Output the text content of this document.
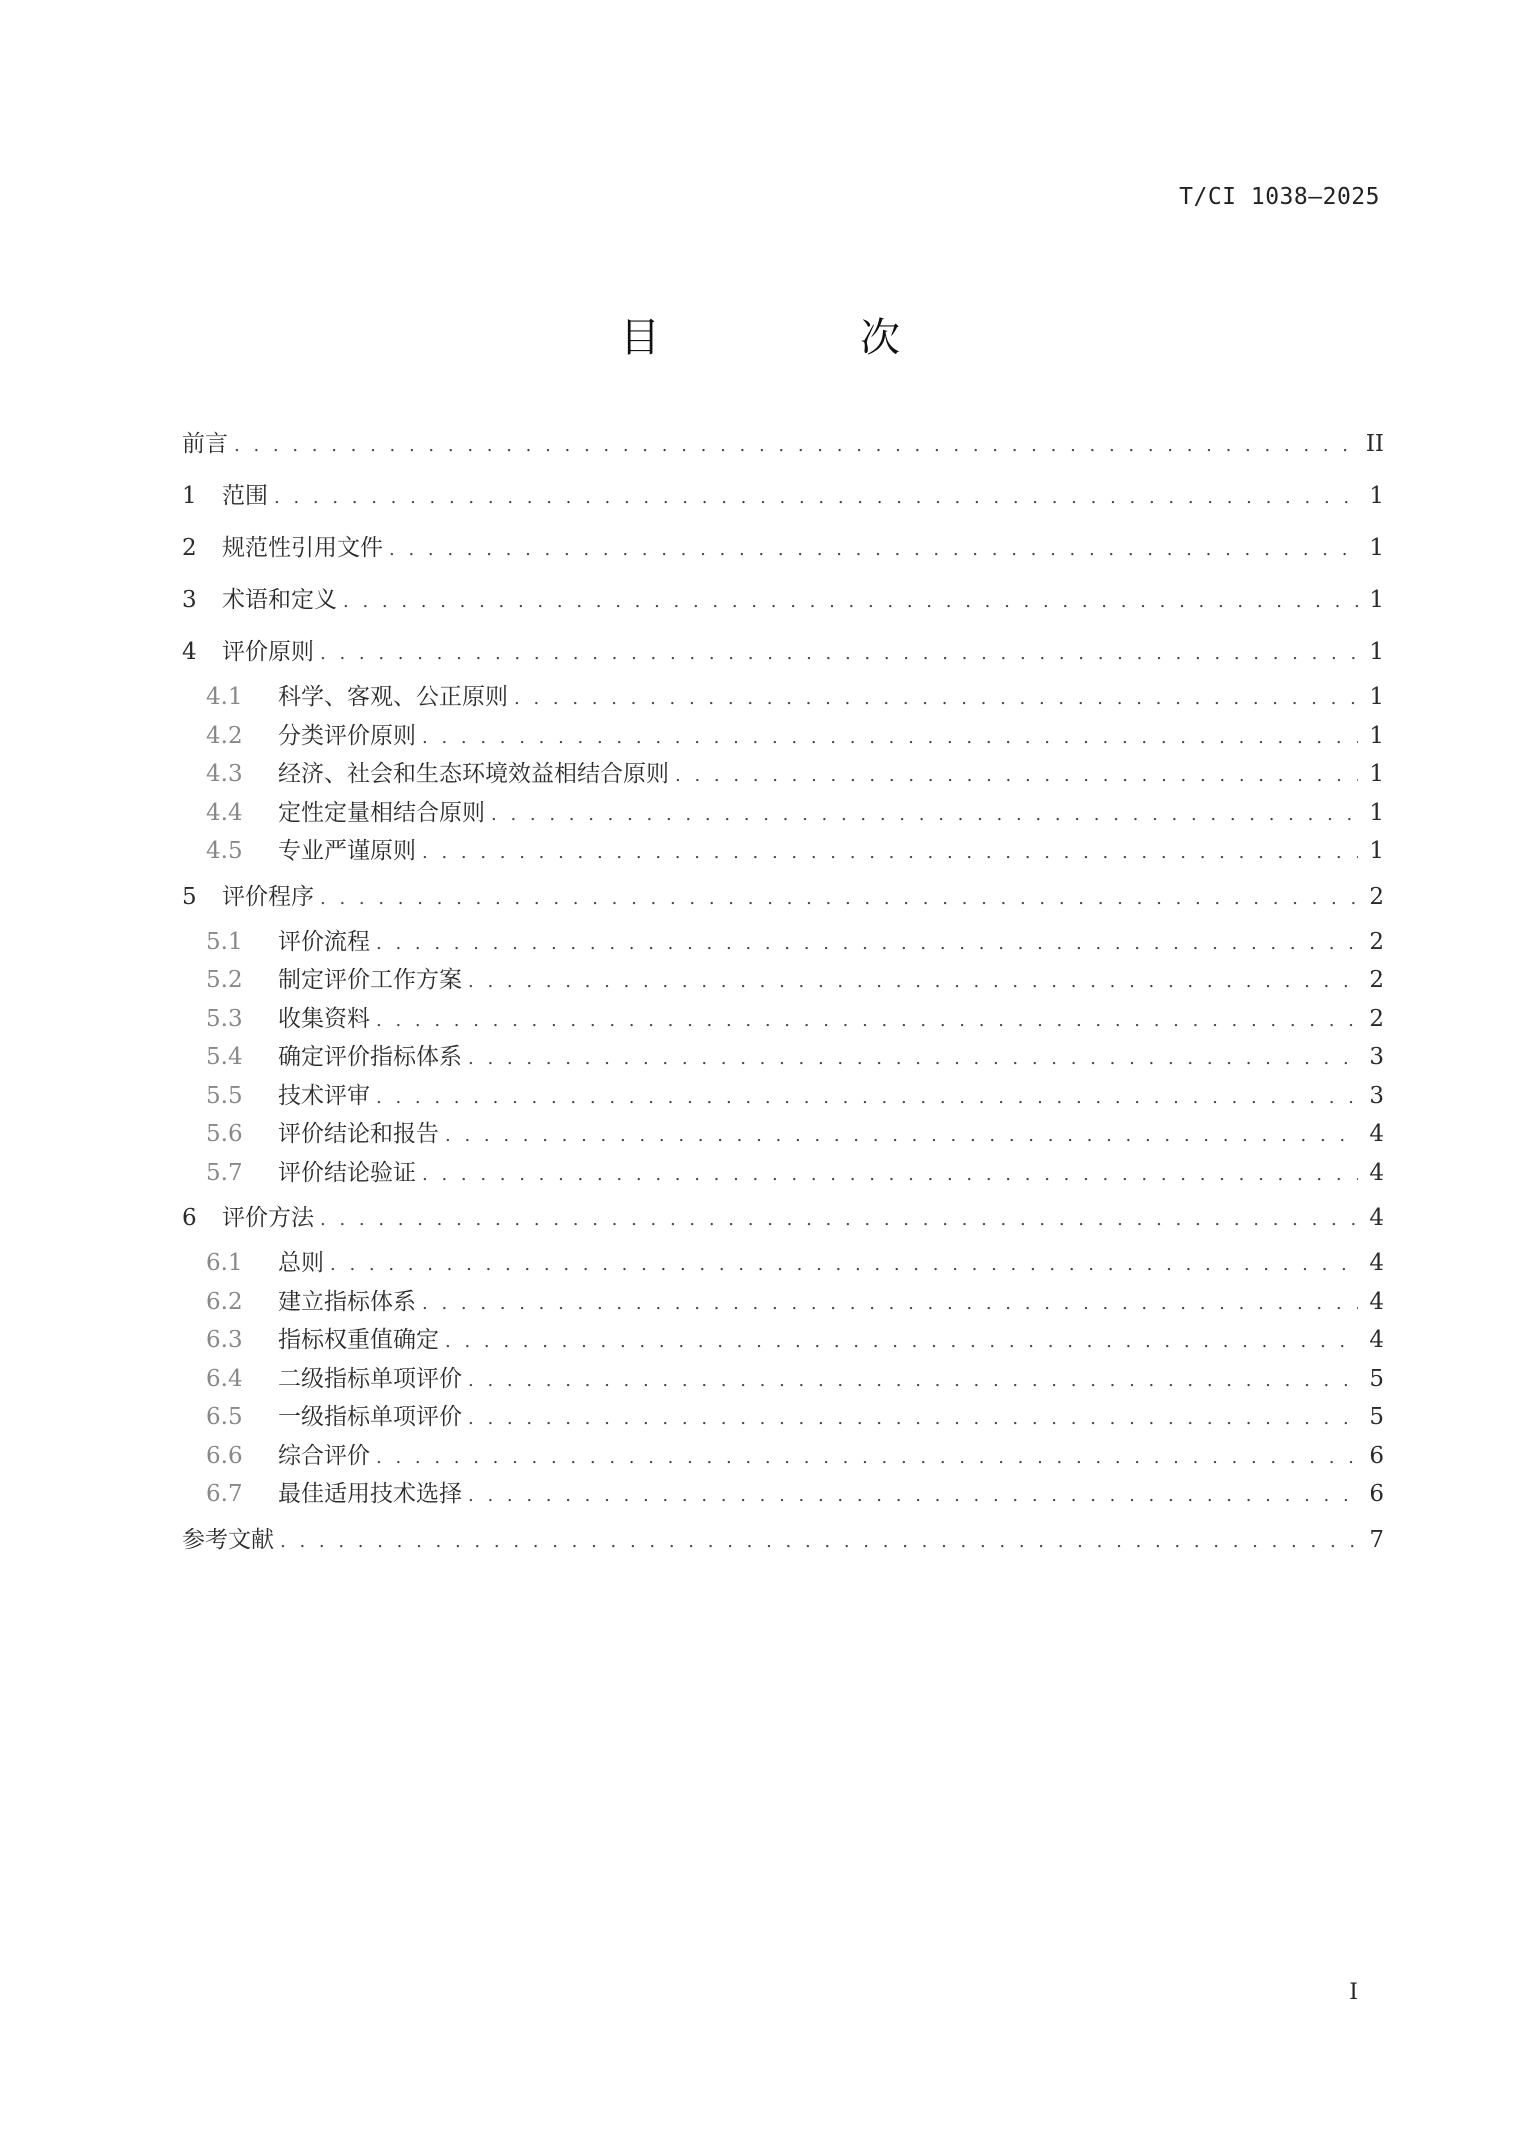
T/CI 1038—2025
目　次
前言 . . .	II
1	范围 . . .	1
2	规范性引用文件 . . .	1
3	术语和定义 . . .	1
4	评价原则 . . .	1
4.1	科学、客观、公正原则 . . .	1
4.2	分类评价原则 . . .	1
4.3	经济、社会和生态环境效益相结合原则 . . .	1
4.4	定性定量相结合原则 . . .	1
4.5	专业严谨原则 . . .	1
5	评价程序 . . .	2
5.1	评价流程 . . .	2
5.2	制定评价工作方案 . . .	2
5.3	收集资料 . . .	2
5.4	确定评价指标体系 . . .	3
5.5	技术评审 . . .	3
5.6	评价结论和报告 . . .	4
5.7	评价结论验证 . . .	4
6	评价方法 . . .	4
6.1	总则 . . .	4
6.2	建立指标体系 . . .	4
6.3	指标权重值确定 . . .	4
6.4	二级指标单项评价 . . .	5
6.5	一级指标单项评价 . . .	5
6.6	综合评价 . . .	6
6.7	最佳适用技术选择 . . .	6
参考文献 . . .	7
I
